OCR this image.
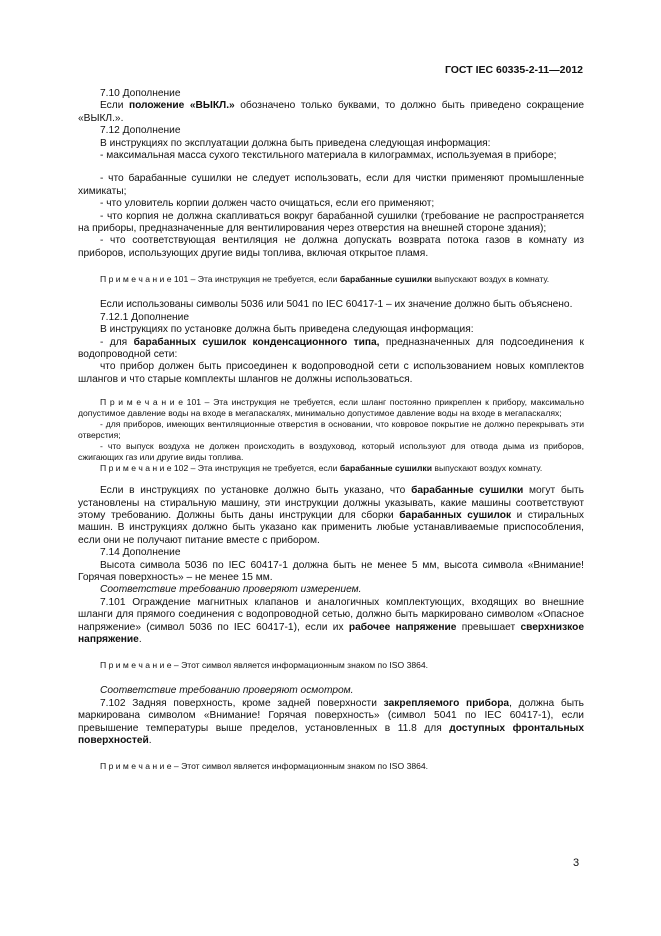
ГОСТ IEC 60335-2-11—2012

7.10 Дополнение

Если положение «ВЫКЛ.» обозначено только буквами, то должно быть приведено сокращение «ВЫКЛ.».

7.12 Дополнение

В инструкциях по эксплуатации должна быть приведена следующая информация:

- максимальная масса сухого текстильного материала в килограммах, используемая в приборе;

- что барабанные сушилки не следует использовать, если для чистки применяют промышленные химикаты;

- что уловитель корпии должен часто очищаться, если его применяют;

- что корпия не должна скапливаться вокруг барабанной сушилки (требование не распространяется на приборы, предназначенные для вентилирования через отверстия на внешней стороне здания);

- что соответствующая вентиляция не должна допускать возврата потока газов в комнату из приборов, использующих другие виды топлива, включая открытое пламя.

П р и м е ч а н и е 101 – Эта инструкция не требуется, если барабанные сушилки выпускают воздух в комнату.

Если использованы символы 5036 или 5041 по IEC 60417-1 – их значение должно быть объяснено.

7.12.1 Дополнение

В инструкциях по установке должна быть приведена следующая информация:

- для барабанных сушилок конденсационного типа, предназначенных для подсоединения к водопроводной сети:

что прибор должен быть присоединен к водопроводной сети с использованием новых комплектов шлангов и что старые комплекты шлангов не должны использоваться.

П р и м е ч а н и е 101 – Эта инструкция не требуется, если шланг постоянно прикреплен к прибору, максимально допустимое давление воды на входе в мегапаскалях, минимально допустимое давление воды на входе в мегапаскалях;

- для приборов, имеющих вентиляционные отверстия в основании, что ковровое покрытие не должно перекрывать эти отверстия;

- что выпуск воздуха не должен происходить в воздуховод, который используют для отвода дыма из приборов, сжигающих газ или другие виды топлива.

П р и м е ч а н и е 102 – Эта инструкция не требуется, если барабанные сушилки выпускают воздух комнату.

Если в инструкциях по установке должно быть указано, что барабанные сушилки могут быть установлены на стиральную машину, эти инструкции должны указывать, какие машины соответствуют этому требованию. Должны быть даны инструкции для сборки барабанных сушилок и стиральных машин. В инструкциях должно быть указано как применить любые устанавливаемые приспособления, если они не получают питание вместе с прибором.

7.14 Дополнение

Высота символа 5036 по IEC 60417-1 должна быть не менее 5 мм, высота символа «Внимание! Горячая поверхность» – не менее 15 мм.

Соответствие требованию проверяют измерением.

7.101 Ограждение магнитных клапанов и аналогичных комплектующих, входящих во внешние шланги для прямого соединения с водопроводной сетью, должно быть маркировано символом «Опасное напряжение» (символ 5036 по IEC 60417-1), если их рабочее напряжение превышает сверхнизкое напряжение.

П р и м е ч а н и е – Этот символ является информационным знаком по ISO 3864.

Соответствие требованию проверяют осмотром.

7.102 Задняя поверхность, кроме задней поверхности закрепляемого прибора, должна быть маркирована символом «Внимание! Горячая поверхность» (символ 5041 по IEC 60417-1), если превышение температуры выше пределов, установленных в 11.8 для доступных фронтальных поверхностей.

П р и м е ч а н и е – Этот символ является информационным знаком по ISO 3864.

3
